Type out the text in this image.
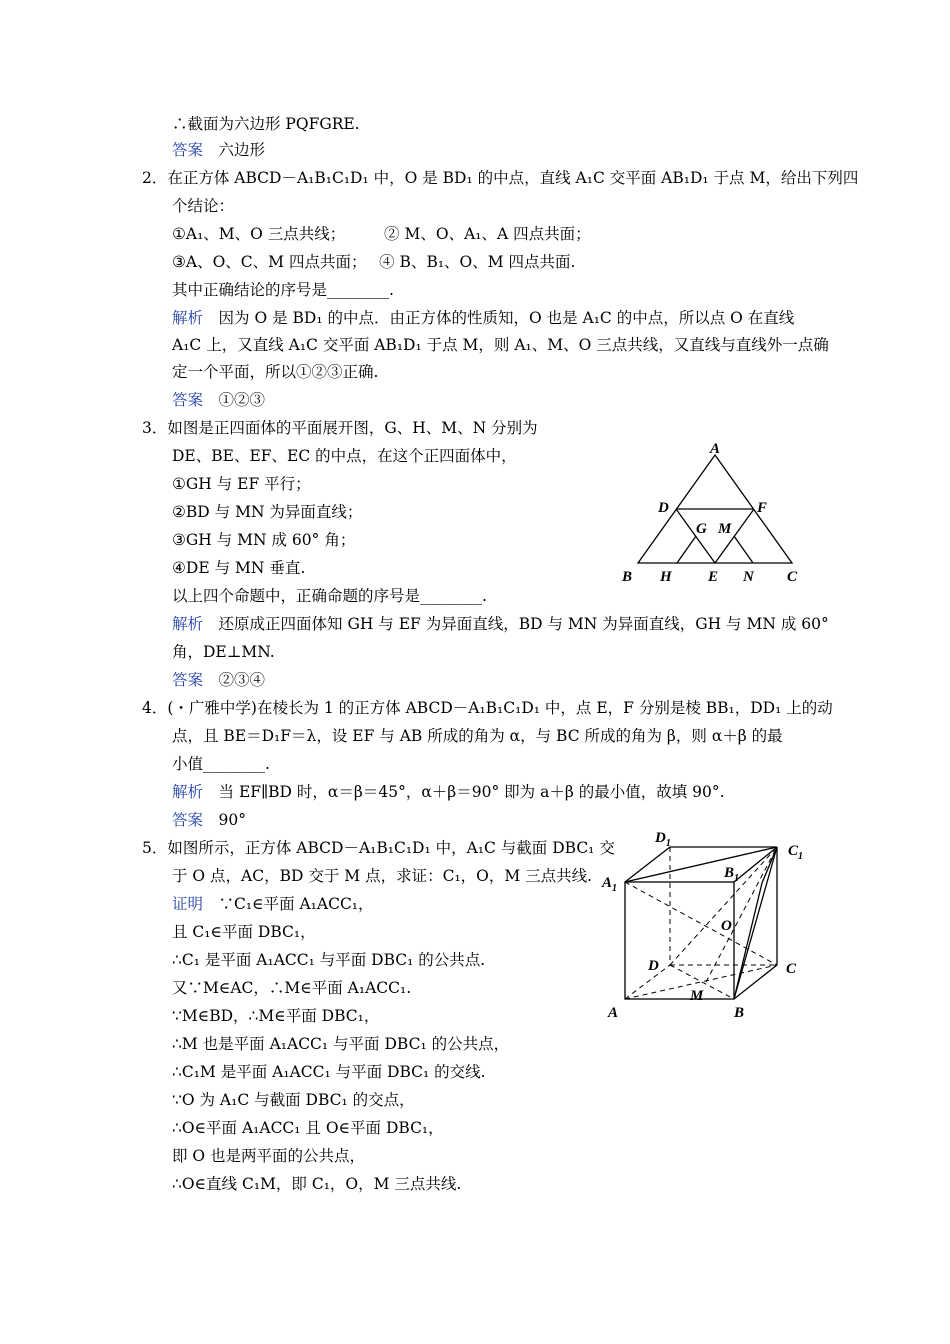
∴截面为六边形 PQFGRE.
答案　六边形
2．在正方体 ABCD－A₁B₁C₁D₁ 中，O 是 BD₁ 的中点，直线 A₁C 交平面 AB₁D₁ 于点 M，给出下列四
个结论：
①A₁、M、O 三点共线；　　　② M、O、A₁、A 四点共面；
③A、O、C、M 四点共面；　 ④ B、B₁、O、M 四点共面.
其中正确结论的序号是________.
解析　因为 O 是 BD₁ 的中点．由正方体的性质知，O 也是 A₁C 的中点，所以点 O 在直线
A₁C 上，又直线 A₁C 交平面 AB₁D₁ 于点 M，则 A₁、M、O 三点共线，又直线与直线外一点确
定一个平面，所以①②③正确.
答案　①②③
3．如图是正四面体的平面展开图，G、H、M、N 分别为
DE、BE、EF、EC 的中点，在这个正四面体中，
①GH 与 EF 平行；
②BD 与 MN 为异面直线；
③GH 与 MN 成 60° 角；
④DE 与 MN 垂直.
以上四个命题中，正确命题的序号是________.
解析　还原成正四面体知 GH 与 EF 为异面直线，BD 与 MN 为异面直线，GH 与 MN 成 60°
角，DE⊥MN.
答案　②③④
4．(・广雅中学)在棱长为 1 的正方体 ABCD－A₁B₁C₁D₁ 中，点 E，F 分别是棱 BB₁，DD₁ 上的动
点，且 BE＝D₁F＝λ，设 EF 与 AB 所成的角为 α，与 BC 所成的角为 β，则 α＋β 的最
小值________.
解析　当 EF∥BD 时，α＝β＝45°，α＋β＝90° 即为 a＋β 的最小值，故填 90°.
答案　90°
5．如图所示，正方体 ABCD－A₁B₁C₁D₁ 中，A₁C 与截面 DBC₁ 交
于 O 点，AC，BD 交于 M 点，求证：C₁，O，M 三点共线.
证明　∵C₁∈平面 A₁ACC₁，
且 C₁∈平面 DBC₁，
∴C₁ 是平面 A₁ACC₁ 与平面 DBC₁ 的公共点.
又∵M∈AC，∴M∈平面 A₁ACC₁.
∵M∈BD，∴M∈平面 DBC₁，
∴M 也是平面 A₁ACC₁ 与平面 DBC₁ 的公共点，
∴C₁M 是平面 A₁ACC₁ 与平面 DBC₁ 的交线.
∵O 为 A₁C 与截面 DBC₁ 的交点，
∴O∈平面 A₁ACC₁ 且 O∈平面 DBC₁，
即 O 也是两平面的公共点，
∴O∈直线 C₁M，即 C₁，O，M 三点共线.
A
D	F
G M
B H E N C
$D_1$	$C_1$
$A_1$
$B_1$
O
D	C
M
A	B
